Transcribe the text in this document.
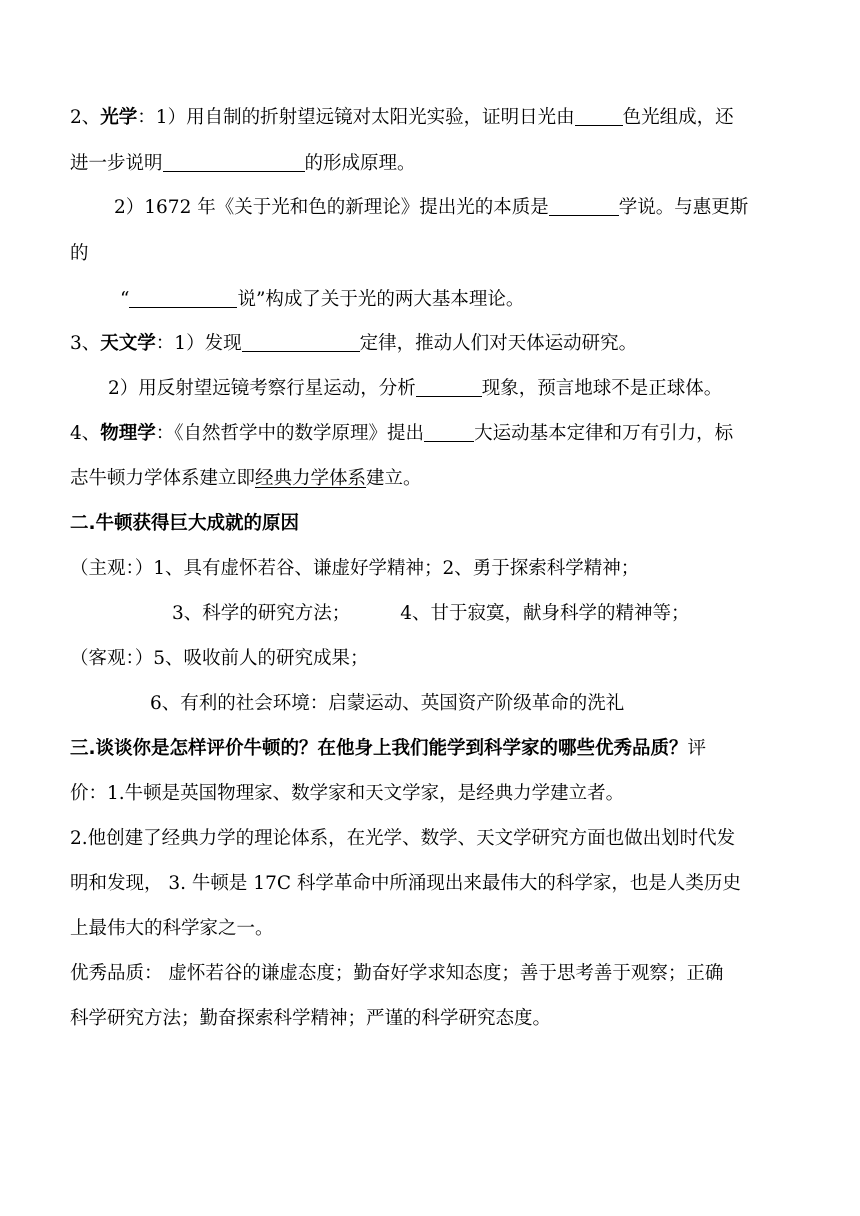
2、光学：1）用自制的折射望远镜对太阳光实验，证明日光由	色光组成，还
进一步说明	的形成原理。
2）1672 年《关于光和色的新理论》提出光的本质是	学说。与惠更斯
的
“	说”构成了关于光的两大基本理论。
3、天文学：1）发现	定律，推动人们对天体运动研究。
2）用反射望远镜考察行星运动，分析	现象，预言地球不是正球体。
4、物理学：《自然哲学中的数学原理》提出	大运动基本定律和万有引力，标
志牛顿力学体系建立即经典力学体系建立。
二.牛顿获得巨大成就的原因
（主观：）1、具有虚怀若谷、谦虚好学精神；2、勇于探索科学精神；
3、科学的研究方法；	4、甘于寂寞，献身科学的精神等；
（客观：）5、吸收前人的研究成果；
6、有利的社会环境：启蒙运动、英国资产阶级革命的洗礼
三.谈谈你是怎样评价牛顿的？在他身上我们能学到科学家的哪些优秀品质？评
价：1.牛顿是英国物理家、数学家和天文学家，是经典力学建立者。
2.他创建了经典力学的理论体系，在光学、数学、天文学研究方面也做出划时代发
明和发现， 3. 牛顿是 17C 科学革命中所涌现出来最伟大的科学家，也是人类历史
上最伟大的科学家之一。
优秀品质： 虚怀若谷的谦虚态度；勤奋好学求知态度；善于思考善于观察；正确
科学研究方法；勤奋探索科学精神；严谨的科学研究态度。
